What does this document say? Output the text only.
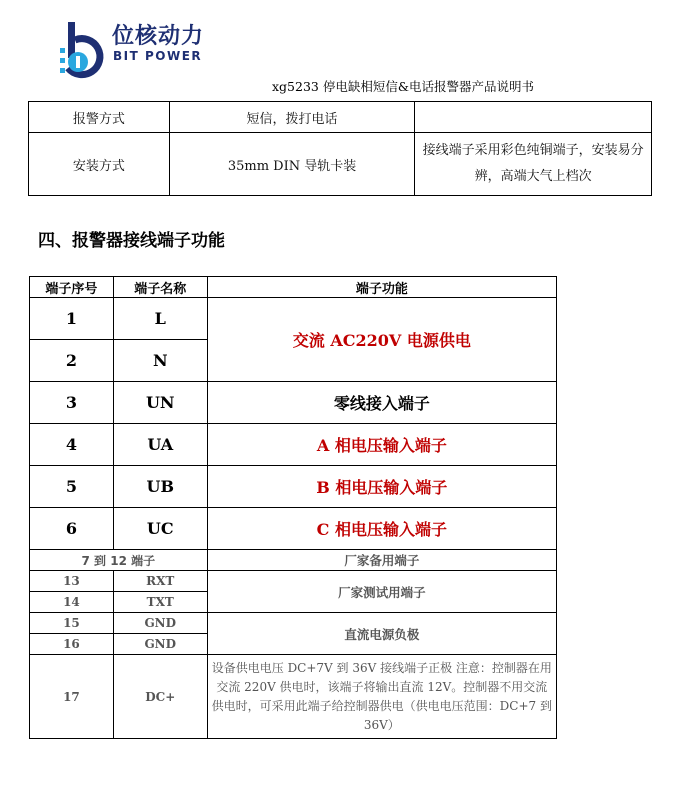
位核动力
BIT POWER
xg5233 停电缺相短信&电话报警器产品说明书
报警方式	短信，拨打电话	
安装方式	35mm DIN 导轨卡装	接线端子采用彩色纯铜端子，安装易分辨，高端大气上档次
四、报警器接线端子功能
端子序号	端子名称	端子功能
1	L	交流 AC220V 电源供电
2	N	
3	UN	零线接入端子
4	UA	A 相电压输入端子
5	UB	B 相电压输入端子
6	UC	C 相电压输入端子
7 到 12 端子		厂家备用端子
13	RXT	厂家测试用端子
14	TXT	
15	GND	直流电源负极
16	GND	
17	DC+	设备供电电压 DC+7V 到 36V 接线端子正极 注意：控制器在用交流 220V 供电时，该端子将输出直流 12V。控制器不用交流供电时，可采用此端子给控制器供电（供电电压范围：DC+7 到 36V）
